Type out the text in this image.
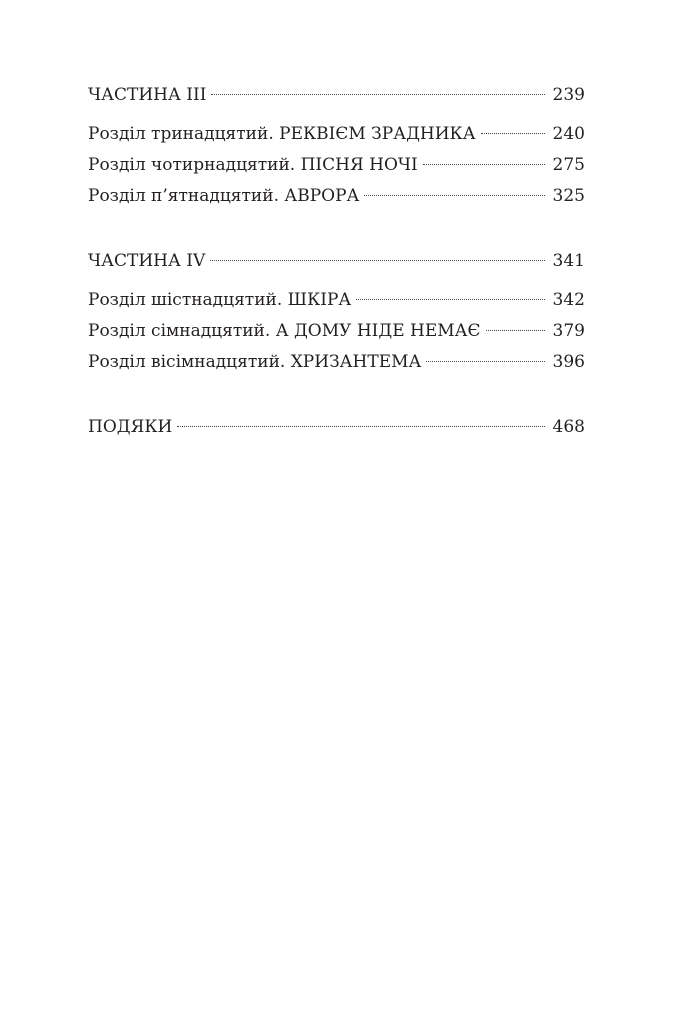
ЧАСТИНА ІІІ	239
Розділ тринадцятий. РЕКВІЄМ ЗРАДНИКА	240
Розділ чотирнадцятий. ПІСНЯ НОЧІ	275
Розділ п’ятнадцятий. АВРОРА	325
ЧАСТИНА IV	341
Розділ шістнадцятий. ШКІРА	342
Розділ сімнадцятий. А ДОМУ НІДЕ НЕМАЄ	379
Розділ вісімнадцятий. ХРИЗАНТЕМА	396
ПОДЯКИ	468
